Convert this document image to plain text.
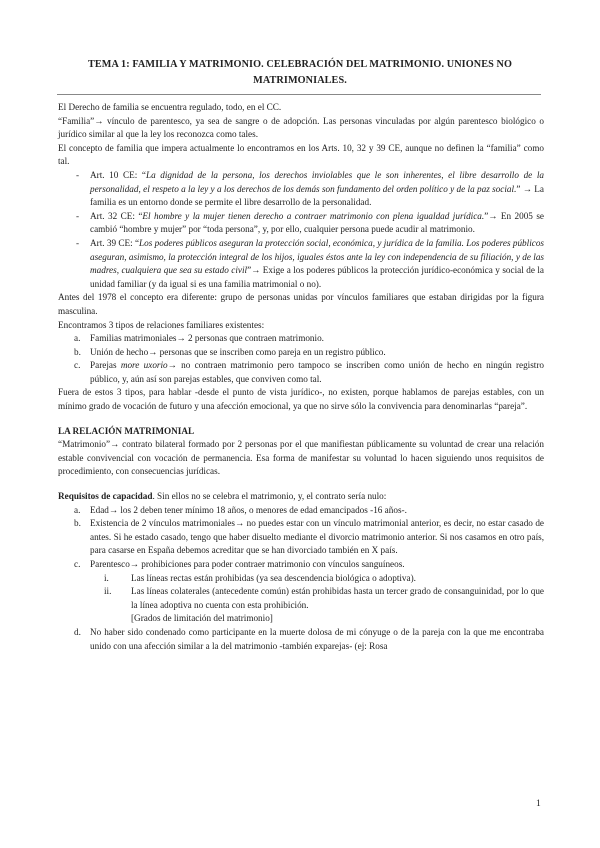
TEMA 1: FAMILIA Y MATRIMONIO. CELEBRACIÓN DEL MATRIMONIO. UNIONES NO MATRIMONIALES.

El Derecho de familia se encuentra regulado, todo, en el CC.

“Familia”→ vínculo de parentesco, ya sea de sangre o de adopción. Las personas vinculadas por algún parentesco biológico o jurídico similar al que la ley los reconozca como tales.

El concepto de familia que impera actualmente lo encontramos en los Arts. 10, 32 y 39 CE, aunque no definen la “familia” como tal.

- Art. 10 CE: “La dignidad de la persona, los derechos inviolables que le son inherentes, el libre desarrollo de la personalidad, el respeto a la ley y a los derechos de los demás son fundamento del orden político y de la paz social.” → La familia es un entorno donde se permite el libre desarrollo de la personalidad.
- Art. 32 CE: “El hombre y la mujer tienen derecho a contraer matrimonio con plena igualdad jurídica.”→ En 2005 se cambió “hombre y mujer” por “toda persona”, y, por ello, cualquier persona puede acudir al matrimonio.
- Art. 39 CE: “Los poderes públicos aseguran la protección social, económica, y jurídica de la familia. Los poderes públicos aseguran, asimismo, la protección integral de los hijos, iguales éstos ante la ley con independencia de su filiación, y de las madres, cualquiera que sea su estado civil”→ Exige a los poderes públicos la protección jurídico-económica y social de la unidad familiar (y da igual si es una familia matrimonial o no).

Antes del 1978 el concepto era diferente: grupo de personas unidas por vínculos familiares que estaban dirigidas por la figura masculina.

Encontramos 3 tipos de relaciones familiares existentes:

a. Familias matrimoniales→ 2 personas que contraen matrimonio.
b. Unión de hecho→ personas que se inscriben como pareja en un registro público.
c. Parejas more uxorio→ no contraen matrimonio pero tampoco se inscriben como unión de hecho en ningún registro público, y, aún así son parejas estables, que conviven como tal.

Fuera de estos 3 tipos, para hablar -desde el punto de vista jurídico-, no existen, porque hablamos de parejas estables, con un mínimo grado de vocación de futuro y una afección emocional, ya que no sirve sólo la convivencia para denominarlas “pareja”.

LA RELACIÓN MATRIMONIAL

“Matrimonio”→ contrato bilateral formado por 2 personas por el que manifiestan públicamente su voluntad de crear una relación estable convivencial con vocación de permanencia. Esa forma de manifestar su voluntad lo hacen siguiendo unos requisitos de procedimiento, con consecuencias jurídicas.

Requisitos de capacidad. Sin ellos no se celebra el matrimonio, y, el contrato sería nulo:

a. Edad→ los 2 deben tener mínimo 18 años, o menores de edad emancipados -16 años-.
b. Existencia de 2 vínculos matrimoniales→ no puedes estar con un vínculo matrimonial anterior, es decir, no estar casado de antes. Si he estado casado, tengo que haber disuelto mediante el divorcio matrimonio anterior. Si nos casamos en otro país, para casarse en España debemos acreditar que se han divorciado también en X país.
c. Parentesco→ prohibiciones para poder contraer matrimonio con vínculos sanguíneos.
i. Las líneas rectas están prohibidas (ya sea descendencia biológica o adoptiva).
ii. Las líneas colaterales (antecedente común) están prohibidas hasta un tercer grado de consanguinidad, por lo que la línea adoptiva no cuenta con esta prohibición.
[Grados de limitación del matrimonio]
d. No haber sido condenado como participante en la muerte dolosa de mi cónyuge o de la pareja con la que me encontraba unido con una afección similar a la del matrimonio -también exparejas- (ej: Rosa
1
